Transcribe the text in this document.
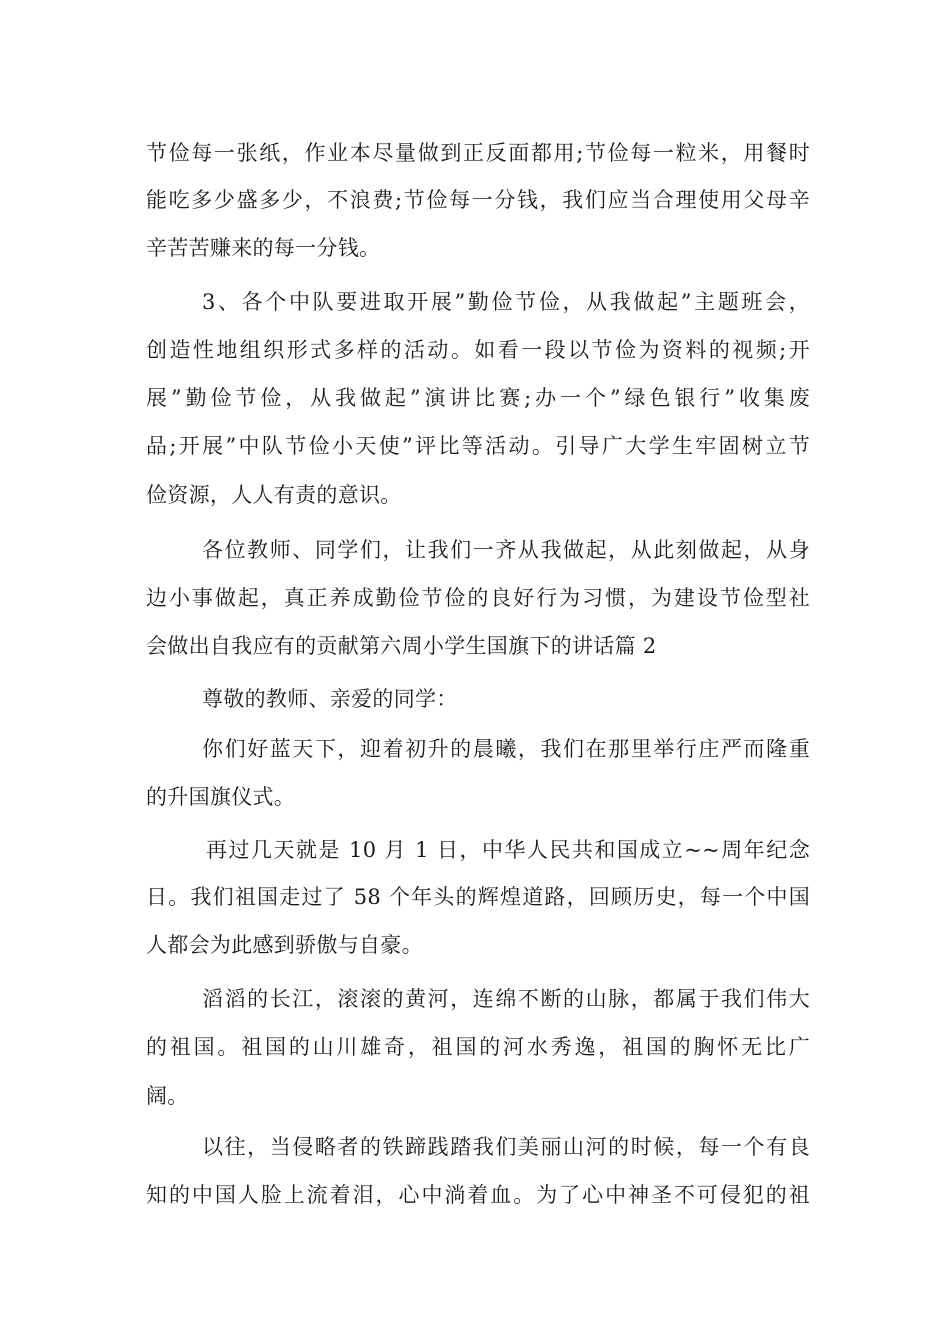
节俭每一张纸，作业本尽量做到正反面都用;节俭每一粒米，用餐时
能吃多少盛多少，不浪费;节俭每一分钱，我们应当合理使用父母辛
辛苦苦赚来的每一分钱。
3、各个中队要进取开展”勤俭节俭，从我做起”主题班会，
创造性地组织形式多样的活动。如看一段以节俭为资料的视频;开
展”勤俭节俭，从我做起”演讲比赛;办一个”绿色银行”收集废
品;开展”中队节俭小天使”评比等活动。引导广大学生牢固树立节
俭资源，人人有责的意识。
各位教师、同学们，让我们一齐从我做起，从此刻做起，从身
边小事做起，真正养成勤俭节俭的良好行为习惯，为建设节俭型社
会做出自我应有的贡献第六周小学生国旗下的讲话篇 2
尊敬的教师、亲爱的同学：
你们好蓝天下，迎着初升的晨曦，我们在那里举行庄严而隆重
的升国旗仪式。
再过几天就是 10 月 1 日，中华人民共和国成立~~周年纪念
日。我们祖国走过了 58 个年头的辉煌道路，回顾历史，每一个中国
人都会为此感到骄傲与自豪。
滔滔的长江，滚滚的黄河，连绵不断的山脉，都属于我们伟大
的祖国。祖国的山川雄奇，祖国的河水秀逸，祖国的胸怀无比广
阔。
以往，当侵略者的铁蹄践踏我们美丽山河的时候，每一个有良
知的中国人脸上流着泪，心中淌着血。为了心中神圣不可侵犯的祖
